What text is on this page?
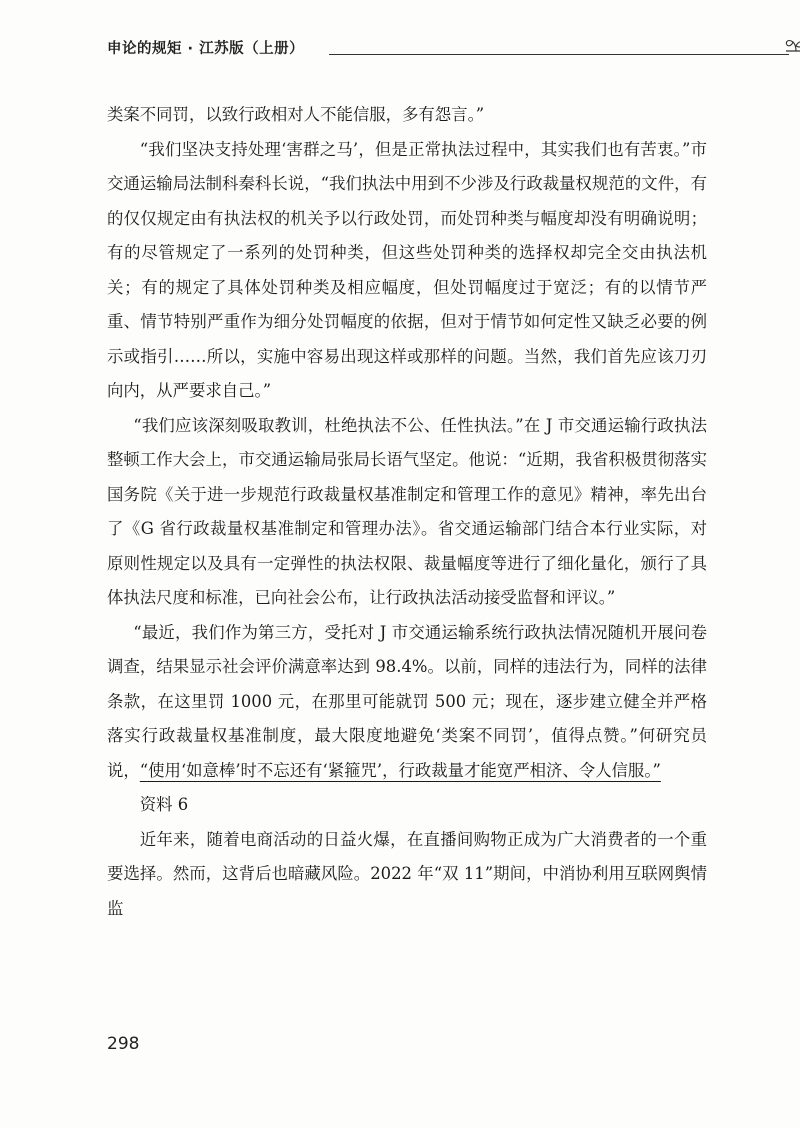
申论的规矩 · 江苏版（上册）

类案不同罚，以致行政相对人不能信服，多有怨言。”

“我们坚决支持处理‘害群之马’，但是正常执法过程中，其实我们也有苦衷。”市交通运输局法制科秦科长说，“我们执法中用到不少涉及行政裁量权规范的文件，有的仅仅规定由有执法权的机关予以行政处罚，而处罚种类与幅度却没有明确说明；有的尽管规定了一系列的处罚种类，但这些处罚种类的选择权却完全交由执法机关；有的规定了具体处罚种类及相应幅度，但处罚幅度过于宽泛；有的以情节严重、情节特别严重作为细分处罚幅度的依据，但对于情节如何定性又缺乏必要的例示或指引……所以，实施中容易出现这样或那样的问题。当然，我们首先应该刀刃向内，从严要求自己。”

“我们应该深刻吸取教训，杜绝执法不公、任性执法。”在 J 市交通运输行政执法整顿工作大会上，市交通运输局张局长语气坚定。他说：“近期，我省积极贯彻落实国务院《关于进一步规范行政裁量权基准制定和管理工作的意见》精神，率先出台了《G 省行政裁量权基准制定和管理办法》。省交通运输部门结合本行业实际，对原则性规定以及具有一定弹性的执法权限、裁量幅度等进行了细化量化，颁行了具体执法尺度和标准，已向社会公布，让行政执法活动接受监督和评议。”

“最近，我们作为第三方，受托对 J 市交通运输系统行政执法情况随机开展问卷调查，结果显示社会评价满意率达到 98.4%。以前，同样的违法行为，同样的法律条款，在这里罚 1000 元，在那里可能就罚 500 元；现在，逐步建立健全并严格落实行政裁量权基准制度，最大限度地避免‘类案不同罚’，值得点赞。”何研究员说，“使用‘如意棒’时不忘还有‘紧箍咒’，行政裁量才能宽严相济、令人信服。”

资料 6

近年来，随着电商活动的日益火爆，在直播间购物正成为广大消费者的一个重要选择。然而，这背后也暗藏风险。2022 年“双 11”期间，中消协利用互联网舆情监

298
